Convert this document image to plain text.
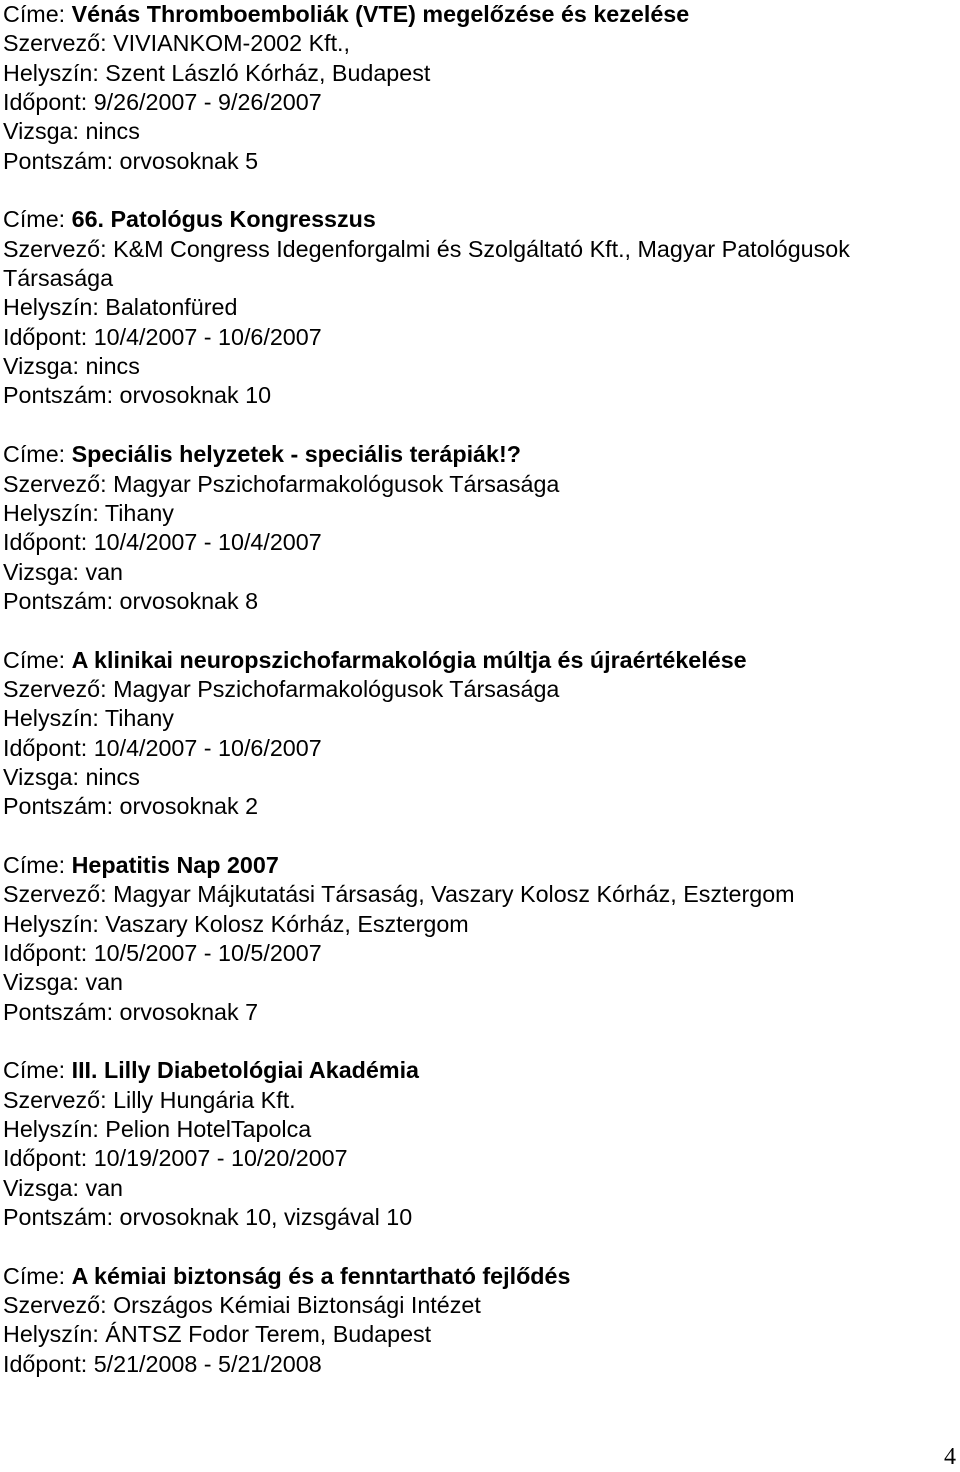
Címe: Vénás Thromboemboliák (VTE) megelőzése és kezelése
Szervező: VIVIANKOM-2002 Kft.,
Helyszín: Szent László Kórház, Budapest
Időpont: 9/26/2007 - 9/26/2007
Vizsga: nincs
Pontszám: orvosoknak 5
Címe: 66. Patológus Kongresszus
Szervező: K&M Congress Idegenforgalmi és Szolgáltató Kft., Magyar Patológusok Társasága
Helyszín: Balatonfüred
Időpont: 10/4/2007 - 10/6/2007
Vizsga: nincs
Pontszám: orvosoknak 10
Címe: Speciális helyzetek - speciális terápiák!?
Szervező: Magyar Pszichofarmakológusok Társasága
Helyszín: Tihany
Időpont: 10/4/2007 - 10/4/2007
Vizsga: van
Pontszám: orvosoknak 8
Címe: A klinikai neuropszichofarmakológia múltja és újraértékelése
Szervező: Magyar Pszichofarmakológusok Társasága
Helyszín: Tihany
Időpont: 10/4/2007 - 10/6/2007
Vizsga: nincs
Pontszám: orvosoknak 2
Címe: Hepatitis Nap 2007
Szervező: Magyar Májkutatási Társaság, Vaszary Kolosz Kórház, Esztergom
Helyszín: Vaszary Kolosz Kórház, Esztergom
Időpont: 10/5/2007 - 10/5/2007
Vizsga: van
Pontszám: orvosoknak 7
Címe: III. Lilly Diabetológiai Akadémia
Szervező: Lilly Hungária Kft.
Helyszín: Pelion HotelTapolca
Időpont: 10/19/2007 - 10/20/2007
Vizsga: van
Pontszám: orvosoknak 10, vizsgával 10
Címe: A kémiai biztonság és a fenntartható fejlődés
Szervező: Országos Kémiai Biztonsági Intézet
Helyszín: ÁNTSZ Fodor Terem, Budapest
Időpont: 5/21/2008 - 5/21/2008
4
